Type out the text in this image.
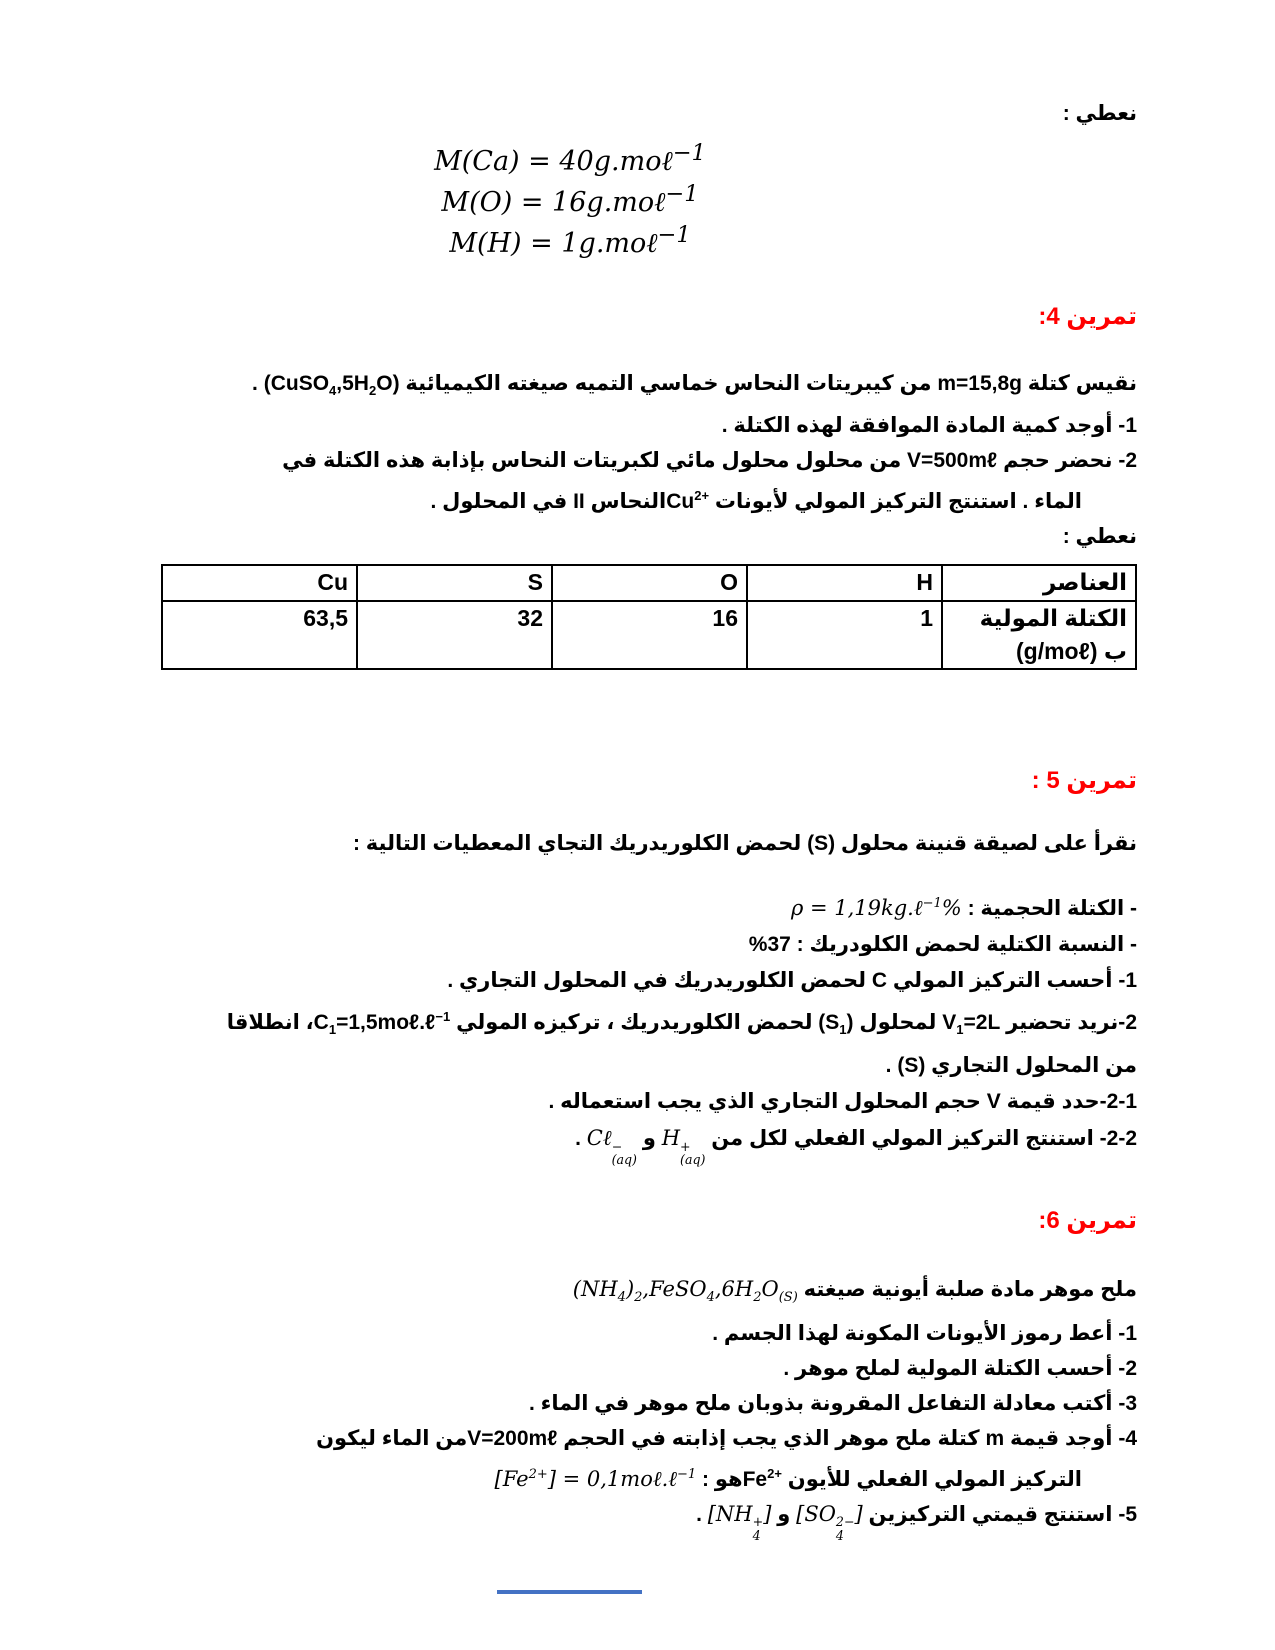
نعطي :
M(Ca) = 40g.moℓ$^{-1}$
M(O) = 16g.moℓ$^{-1}$
M(H) = 1g.moℓ$^{-1}$
تمرين 4:
نقيس كتلة m=15,8g من كيبريتات النحاس خماسي التميه صيغته الكيميائية $(CuSO_4,5H_2O)$ .
1- أوجد كمية المادة الموافقة لهذه الكتلة .
2- نحضر حجم V=500mℓ من محلول محلول مائي لكبريتات النحاس بإذابة هذه الكتلة في
الماء . استنتج التركيز المولي لأيونات $Cu^{2+}النحاس$ II في المحلول .
نعطي :
العناصر	H	O	S	Cu

الكتلة المولية
ب (g/moℓ)	1	16	32	63,5
تمرين 5 :
نقرأ على لصيقة قنينة محلول (S) لحمض الكلوريدريك التجاي المعطيات التالية :
- الكتلة الحجمية : ρ = 1,19kg.ℓ$^{-1}$%
- النسبة الكتلية لحمض الكلودريك : 37%
1- أحسب التركيز المولي C لحمض الكلوريدريك في المحلول التجاري .
2-نريد تحضير $V_1=2L$ لمحلول $(S_1)$ لحمض الكلوريدريك ، تركيزه المولي $C_1=1,5mo\ell.\ell^{-1}،$ انطلاقا
من المحلول التجاري (S) .
2-1-حدد قيمة V حجم المحلول التجاري الذي يجب استعماله .
2-2- استنتج التركيز المولي الفعلي لكل من H +
(aq)
و Cℓ −
(aq)
.
تمرين 6:
ملح موهر مادة صلبة أيونية صيغته $(NH_4)_2,FeSO_4,6H_2O_{(S)}$
1- أعط رموز الأيونات المكونة لهذا الجسم .
2- أحسب الكتلة المولية لملح موهر .
3- أكتب معادلة التفاعل المقرونة بذوبان ملح موهر في الماء .
4- أوجد قيمة m كتلة ملح موهر الذي يجب إذابته في الحجم V=200mℓمن الماء ليكون
التركيز المولي الفعلي للأيون $Fe^{2+}هو$ : $[Fe^{2+}]$ = 0,1moℓ.ℓ$^{-1}$
5- استنتج قيمتي التركيزين [SO 2−
4
] و [NH +
4
] .
